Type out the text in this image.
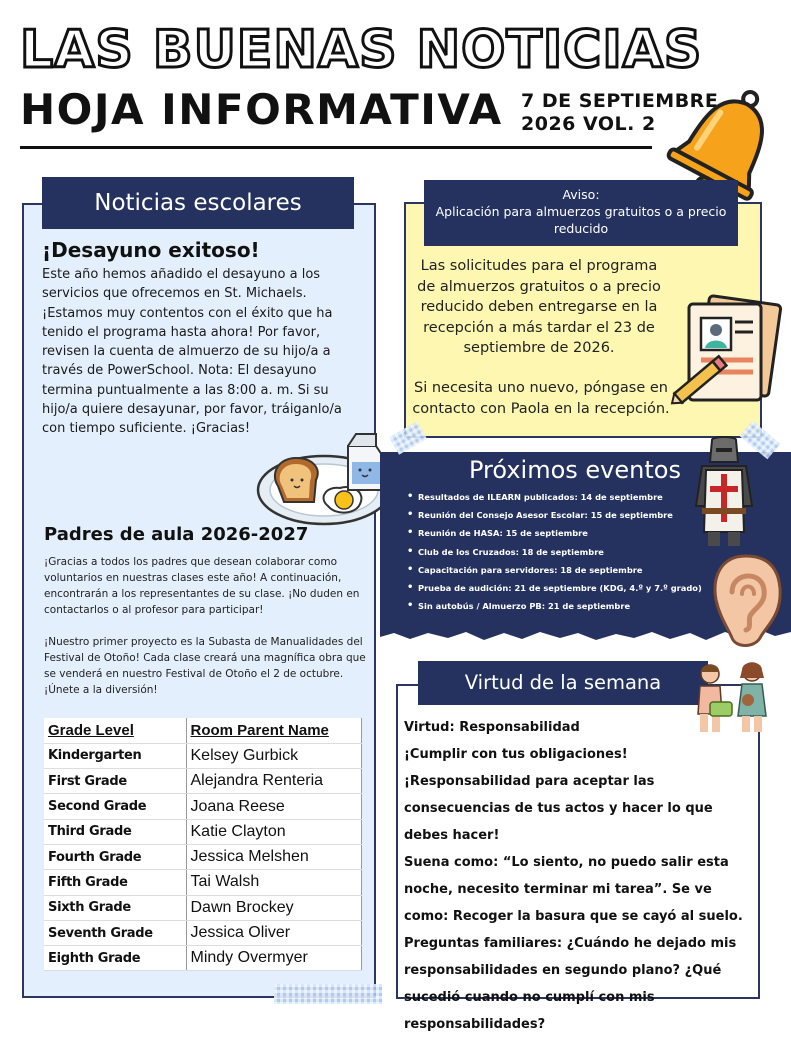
LAS BUENAS NOTICIAS
HOJA INFORMATIVA 7 DE SEPTIEMBRE
2026 VOL. 2
Noticias escolares
¡Desayuno exitoso!
Este año hemos añadido el desayuno a los servicios que ofrecemos en St. Michaels. ¡Estamos muy contentos con el éxito que ha tenido el programa hasta ahora! Por favor, revisen la cuenta de almuerzo de su hijo/a a través de PowerSchool. Nota: El desayuno termina puntualmente a las 8:00 a. m. Si su hijo/a quiere desayunar, por favor, tráiganlo/a con tiempo suficiente. ¡Gracias!
Padres de aula 2026-2027

¡Gracias a todos los padres que desean colaborar como voluntarios en nuestras clases este año! A continuación, encontrarán a los representantes de su clase. ¡No duden en contactarlos o al profesor para participar!

¡Nuestro primer proyecto es la Subasta de Manualidades del Festival de Otoño! Cada clase creará una magnífica obra que se venderá en nuestro Festival de Otoño el 2 de octubre. ¡Únete a la diversión!

Grade Level	Room Parent Name
Kindergarten	Kelsey Gurbick
First Grade	Alejandra Renteria
Second Grade	Joana Reese
Third Grade	Katie Clayton
Fourth Grade	Jessica Melshen
Fifth Grade	Tai Walsh
Sixth Grade	Dawn Brockey
Seventh Grade	Jessica Oliver
Eighth Grade	Mindy Overmyer
Aviso:
Aplicación para almuerzos gratuitos o a precio reducido
Las solicitudes para el programa de almuerzos gratuitos o a precio reducido deben entregarse en la recepción a más tardar el 23 de septiembre de 2026.
Si necesita uno nuevo, póngase en contacto con Paola en la recepción.
Próximos eventos
• Resultados de ILEARN publicados: 14 de septiembre
• Reunión del Consejo Asesor Escolar: 15 de septiembre
• Reunión de HASA: 15 de septiembre
• Club de los Cruzados: 18 de septiembre
• Capacitación para servidores: 18 de septiembre
• Prueba de audición: 21 de septiembre (KDG, 4.º y 7.º grado)
• Sin autobús / Almuerzo PB: 21 de septiembre
Virtud de la semana

Virtud: Responsabilidad

¡Cumplir con tus obligaciones! ¡Responsabilidad para aceptar las consecuencias de tus actos y hacer lo que debes hacer!

Suena como: “Lo siento, no puedo salir esta noche, necesito terminar mi tarea”. Se ve como: Recoger la basura que se cayó al suelo.

Preguntas familiares: ¿Cuándo he dejado mis responsabilidades en segundo plano? ¿Qué sucedió cuando no cumplí con mis responsabilidades?
